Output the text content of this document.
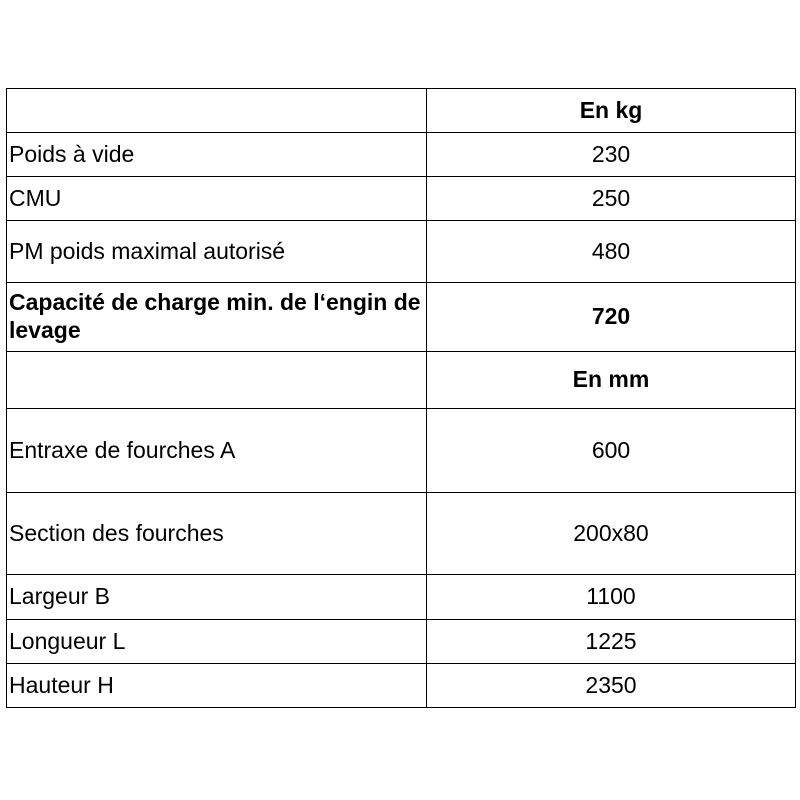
	En kg
Poids à vide	230
CMU	250
PM poids maximal autorisé	480
Capacité de charge min. de l‘engin de levage	720
	En mm
Entraxe de fourches A	600
Section des fourches	200x80
Largeur B	1100
Longueur L	1225
Hauteur H	2350
